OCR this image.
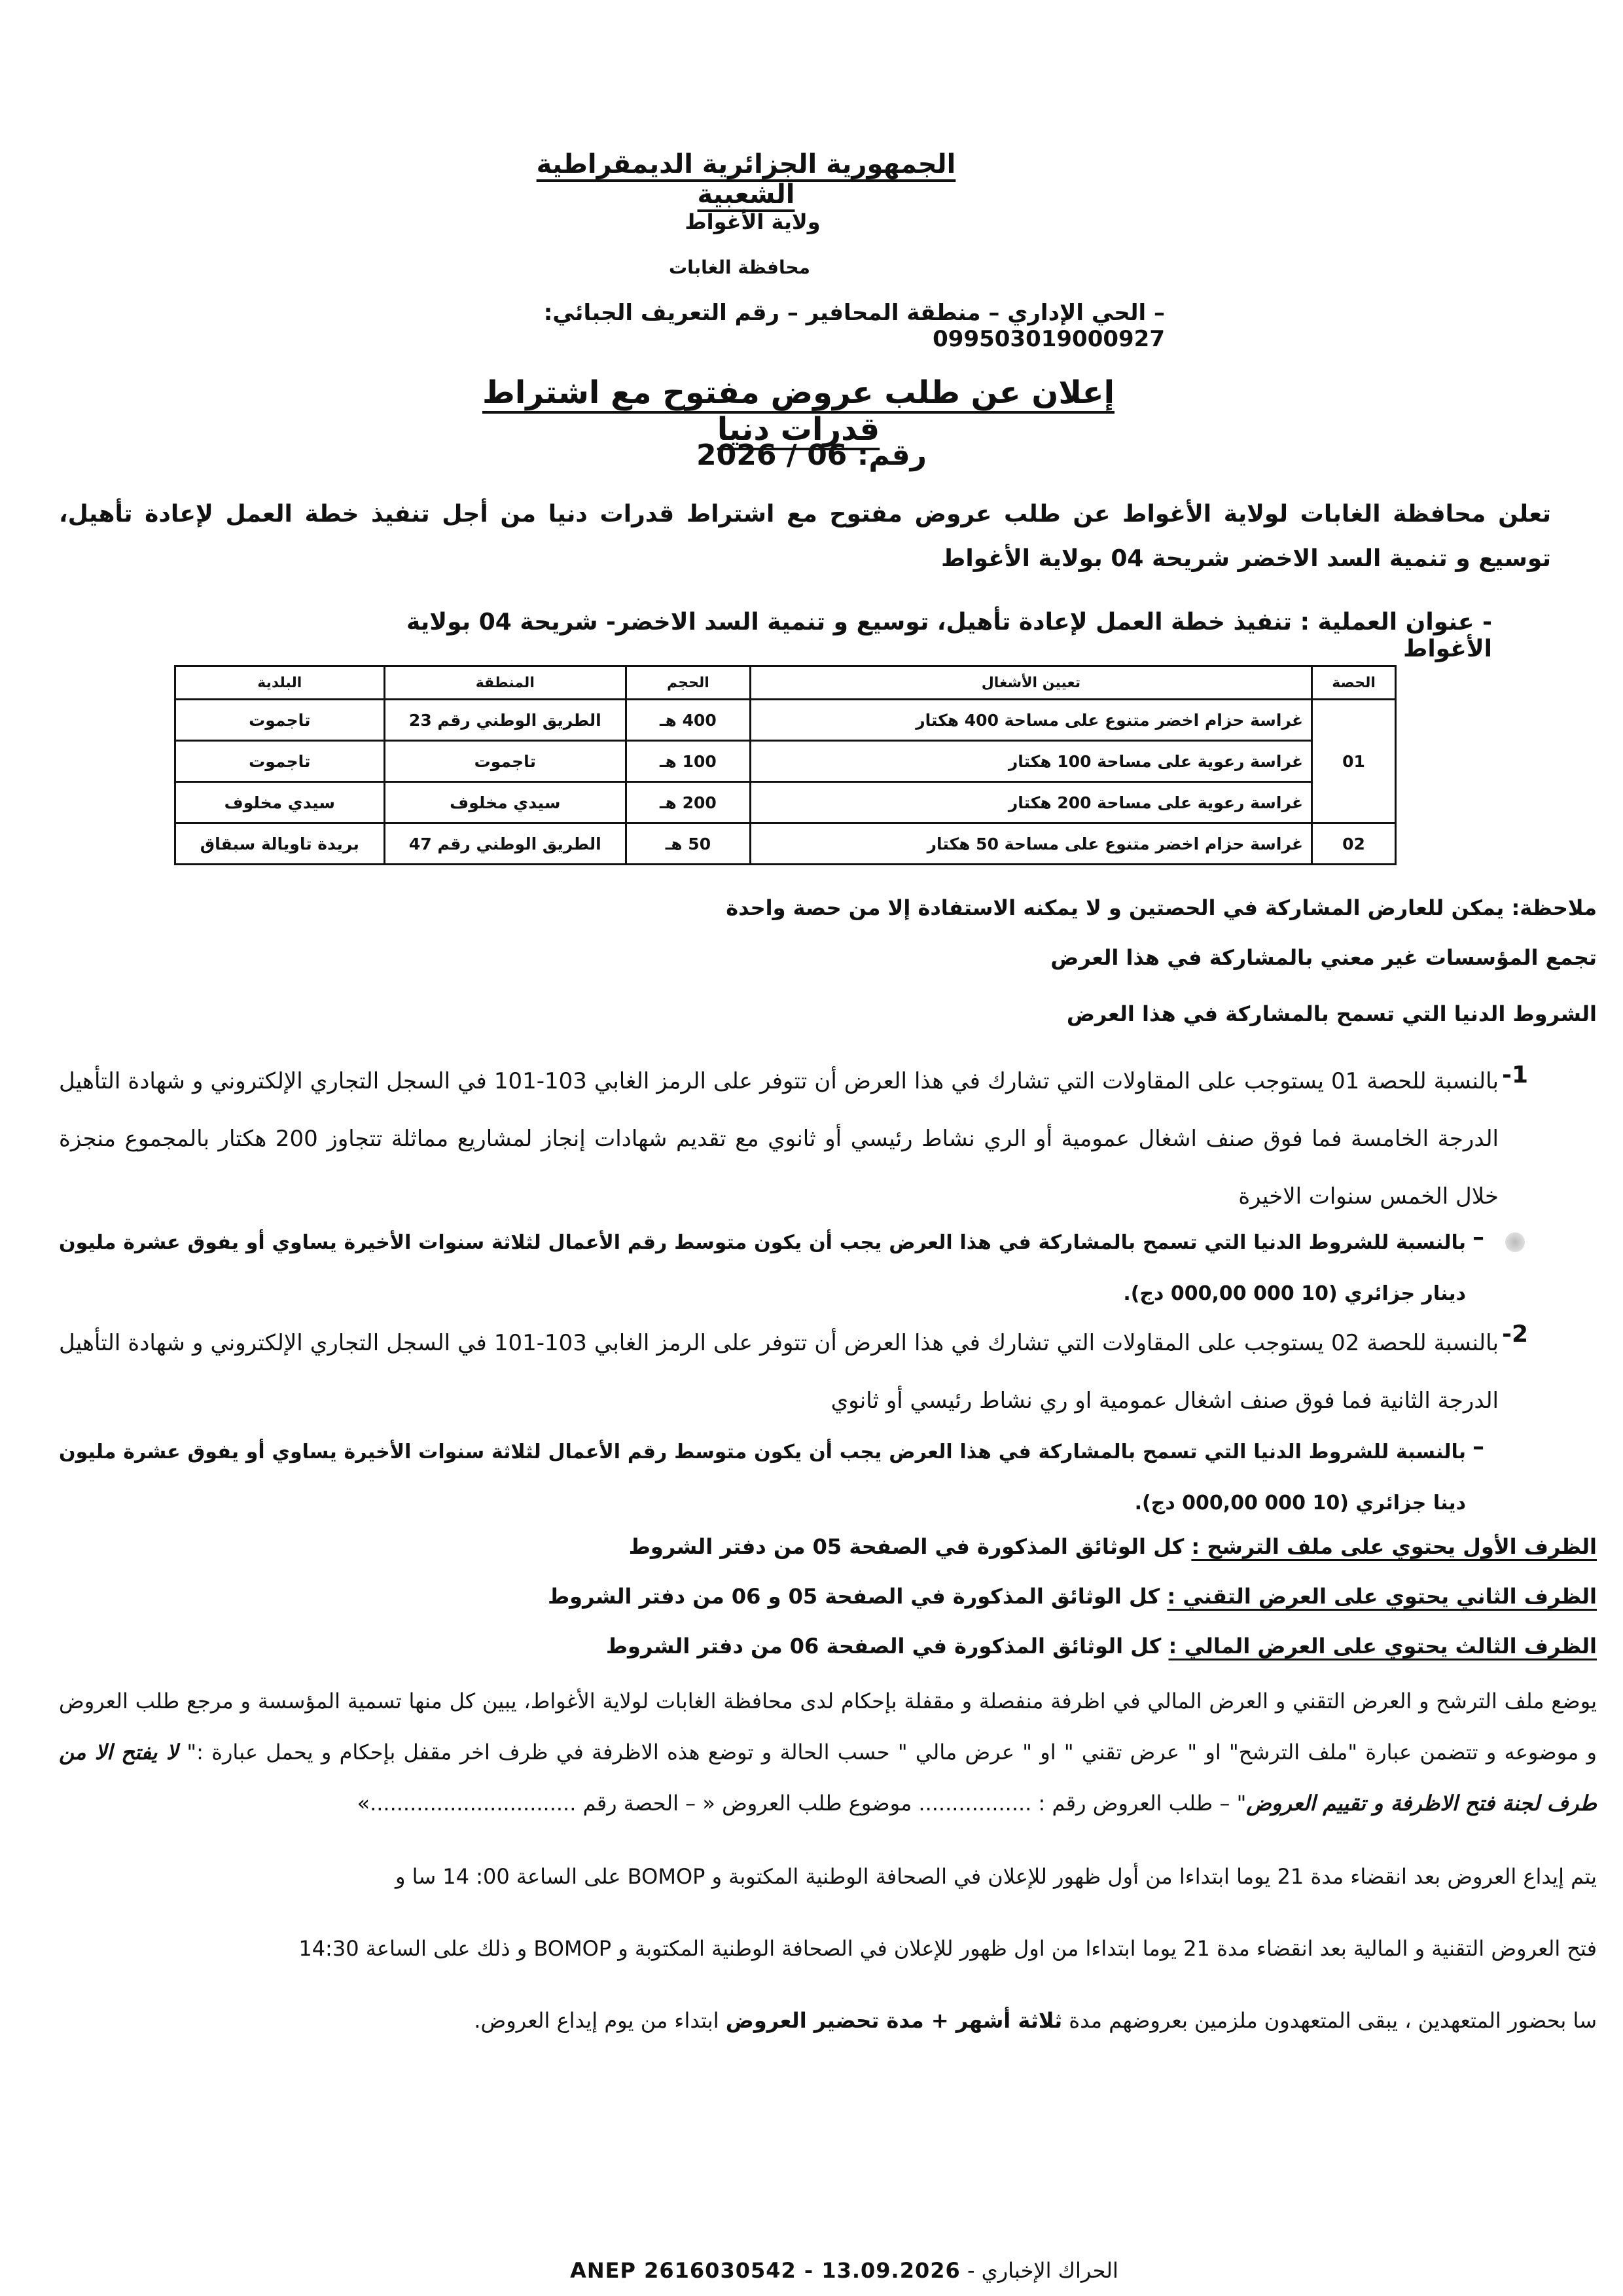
الجمهورية الجزائرية الديمقراطية الشعبية
ولاية الأغواط
محافظة الغابات
– الحي الإداري – منطقة المحافير – رقم التعريف الجبائي: 099503019000927
إعلان عن طلب عروض مفتوح مع اشتراط قدرات دنيا
رقم: 06 / 2026
تعلن محافظة الغابات لولاية الأغواط عن طلب عروض مفتوح مع اشتراط قدرات دنيا من أجل تنفيذ خطة العمل لإعادة تأهيل، توسيع و تنمية السد الاخضر شريحة 04 بولاية الأغواط
- عنوان العملية : تنفيذ خطة العمل لإعادة تأهيل، توسيع و تنمية السد الاخضر- شريحة 04 بولاية الأغواط
الحصة	تعيين الأشغال	الحجم	المنطقة	البلدية
01	غراسة حزام اخضر متنوع على مساحة 400 هكتار	400 هـ	الطريق الوطني رقم 23	تاجموت
	غراسة رعوية على مساحة 100 هكتار	100 هـ	تاجموت	تاجموت
	غراسة رعوية على مساحة 200 هكتار	200 هـ	سيدي مخلوف	سيدي مخلوف
02	غراسة حزام اخضر متنوع على مساحة 50 هكتار	50 هـ	الطريق الوطني رقم 47	بريدة تاويالة سبقاق
ملاحظة: يمكن للعارض المشاركة في الحصتين و لا يمكنه الاستفادة إلا من حصة واحدة
تجمع المؤسسات غير معني بالمشاركة في هذا العرض
الشروط الدنيا التي تسمح بالمشاركة في هذا العرض
-1
بالنسبة للحصة 01 يستوجب على المقاولات التي تشارك في هذا العرض أن تتوفر على الرمز الغابي 103-101 في السجل التجاري الإلكتروني و شهادة التأهيل الدرجة الخامسة فما فوق صنف اشغال عمومية أو الري نشاط رئيسي أو ثانوي مع تقديم شهادات إنجاز لمشاريع مماثلة تتجاوز 200 هكتار بالمجموع منجزة خلال الخمس سنوات الاخيرة
–
بالنسبة للشروط الدنيا التي تسمح بالمشاركة في هذا العرض يجب أن يكون متوسط رقم الأعمال لثلاثة سنوات الأخيرة يساوي أو يفوق عشرة مليون دينار جزائري (10 000 000,00 دج).
-2
بالنسبة للحصة 02 يستوجب على المقاولات التي تشارك في هذا العرض أن تتوفر على الرمز الغابي 103-101 في السجل التجاري الإلكتروني و شهادة التأهيل الدرجة الثانية فما فوق صنف اشغال عمومية او ري نشاط رئيسي أو ثانوي
–
بالنسبة للشروط الدنيا التي تسمح بالمشاركة في هذا العرض يجب أن يكون متوسط رقم الأعمال لثلاثة سنوات الأخيرة يساوي أو يفوق عشرة مليون دينا جزائري (10 000 000,00 دج).
الظرف الأول يحتوي على ملف الترشح : كل الوثائق المذكورة في الصفحة 05 من دفتر الشروط
الظرف الثاني يحتوي على العرض التقني : كل الوثائق المذكورة في الصفحة 05 و 06 من دفتر الشروط
الظرف الثالث يحتوي على العرض المالي : كل الوثائق المذكورة في الصفحة 06 من دفتر الشروط
يوضع ملف الترشح و العرض التقني و العرض المالي في اظرفة منفصلة و مقفلة بإحكام لدى محافظة الغابات لولاية الأغواط، يبين كل منها تسمية المؤسسة و مرجع طلب العروض و موضوعه و تتضمن عبارة "ملف الترشح" او " عرض تقني " او " عرض مالي " حسب الحالة و توضع هذه الاظرفة في ظرف اخر مقفل بإحكام و يحمل عبارة :" لا يفتح الا من طرف لجنة فتح الاظرفة و تقييم العروض" – طلب العروض رقم : ................. موضوع طلب العروض « – الحصة رقم ...............................»
يتم إيداع العروض بعد انقضاء مدة 21 يوما ابتداءا من أول ظهور للإعلان في الصحافة الوطنية المكتوبة و BOMOP على الساعة 00: 14 سا و
فتح العروض التقنية و المالية بعد انقضاء مدة 21 يوما ابتداءا من اول ظهور للإعلان في الصحافة الوطنية المكتوبة و BOMOP و ذلك على الساعة 14:30
سا بحضور المتعهدين ، يبقى المتعهدون ملزمين بعروضهم مدة ثلاثة أشهر + مدة تحضير العروض ابتداء من يوم إيداع العروض.
ANEP 2616030542 - 13.09.2026 - الحراك الإخباري
